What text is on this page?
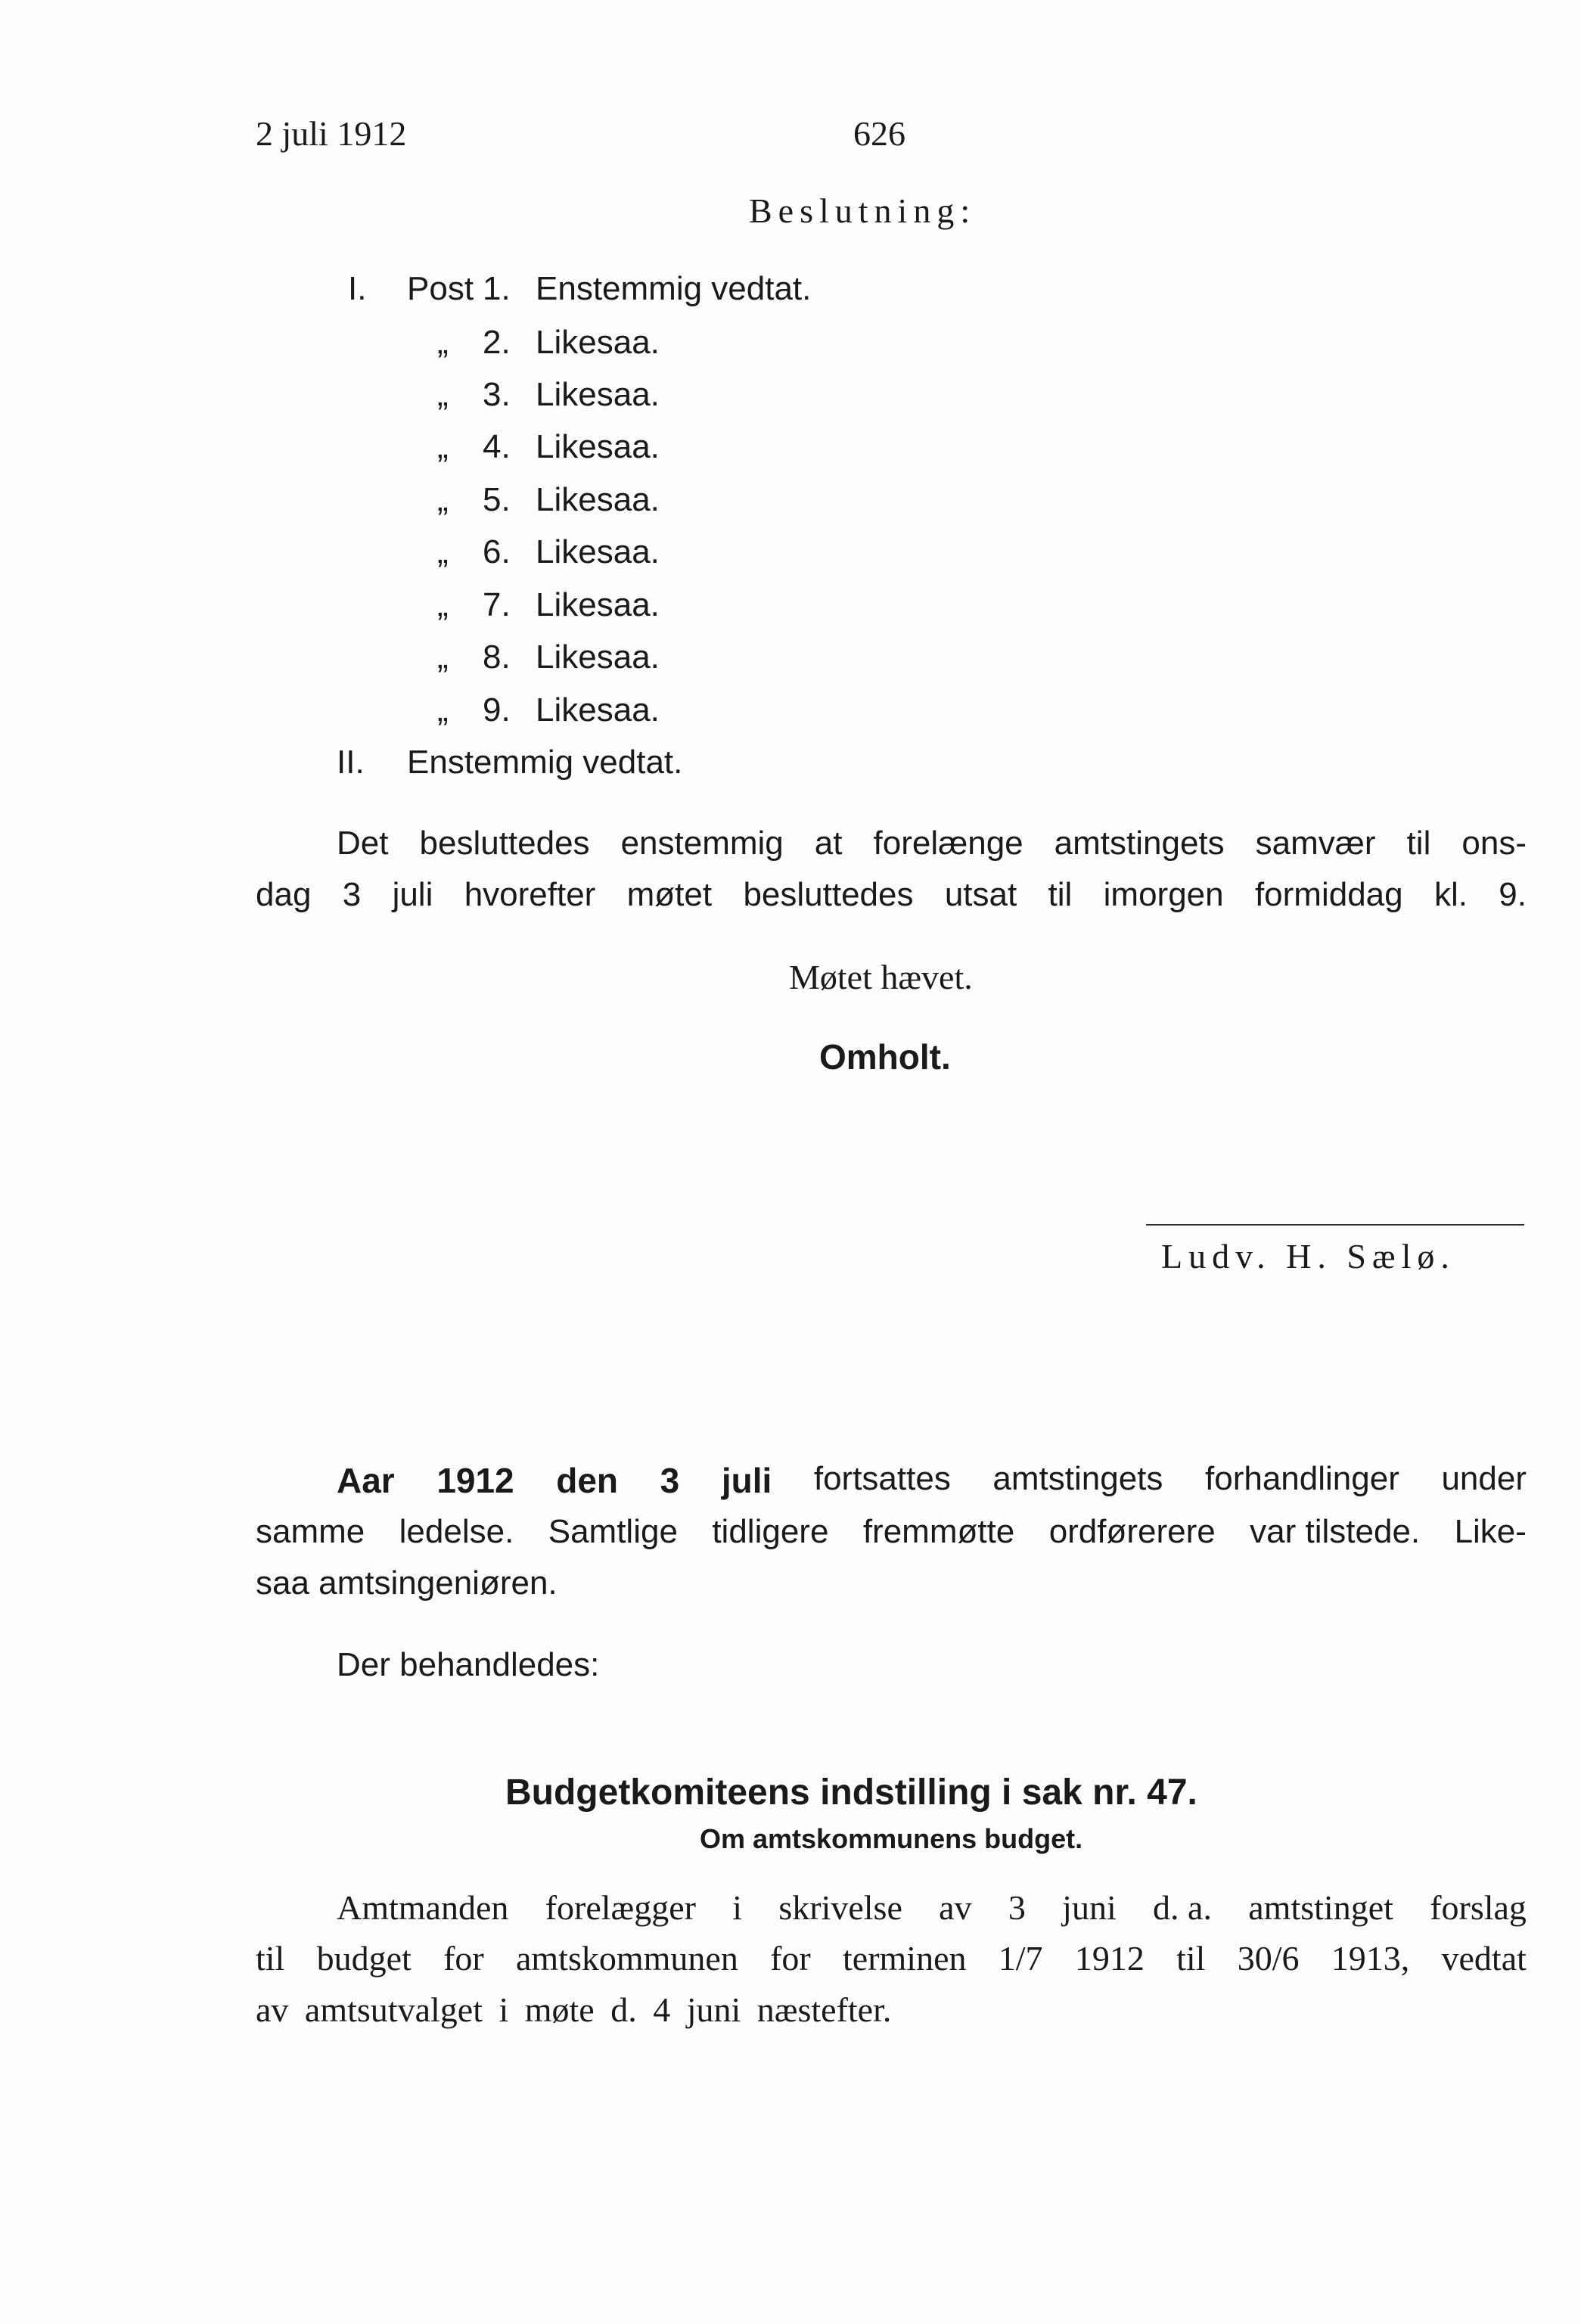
2 juli 1912	626
Beslutning:
I. Post 1. Enstemmig vedtat.
„ 2. Likesaa.
„ 3. Likesaa.
„ 4. Likesaa.
„ 5. Likesaa.
„ 6. Likesaa.
„ 7. Likesaa.
„ 8. Likesaa.
„ 9. Likesaa.
II. Enstemmig vedtat.
Det besluttedes enstemmig at forelænge amtstingets samvær til ons-
dag 3 juli hvorefter møtet besluttedes utsat til imorgen formiddag kl. 9.
Møtet hævet.
Omholt.
Ludv. H. Sælø.
Aar 1912 den 3 juli fortsattes amtstingets forhandlinger under
samme ledelse. Samtlige tidligere fremmøtte ordførerere var tilstede. Like-
saa amtsingeniøren.
Der behandledes:
Budgetkomiteens indstilling i sak nr. 47.
Om amtskommunens budget.
Amtmanden forelægger i skrivelse av 3 juni d. a. amtstinget forslag
til budget for amtskommunen for terminen 1/7 1912 til 30/6 1913, vedtat
av amtsutvalget i møte d. 4 juni næstefter.
